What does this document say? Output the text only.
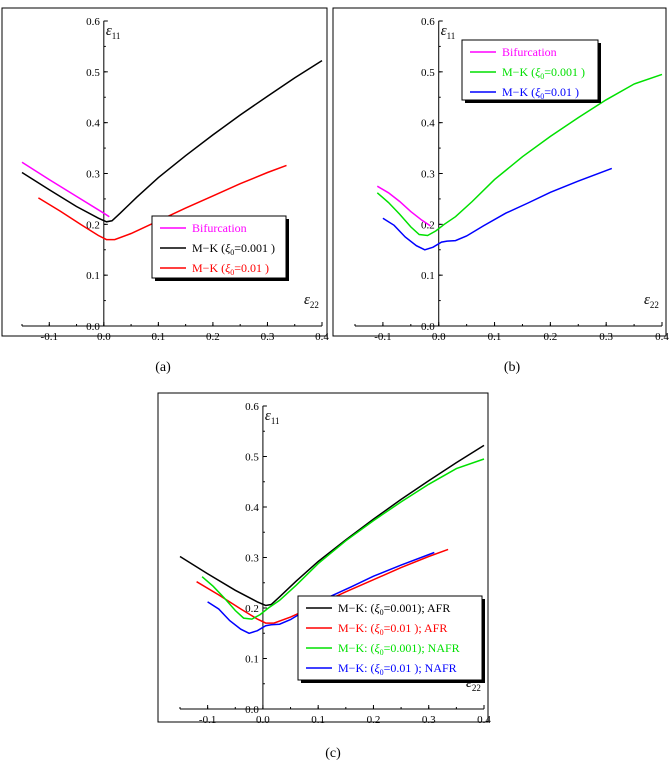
-0.1	0.0	0.1	0.2	0.3	0.4
0.0
0.1
0.2
0.3
0.4
0.5
0.6
$\varepsilon_{11}$
$\varepsilon_{22}$
Bifurcation
M−K ($\xi_0=0.001$ )
M−K ($\xi_0=0.01$ )
(a)
-0.1	0.0	0.1	0.2	0.3	0.4
0.0
0.1
0.2
0.3
0.4
0.5
0.6
$\varepsilon_{11}$
$\varepsilon_{22}$
Bifurcation
M−K ($\xi_0=0.001$ )
M−K ($\xi_0=0.01$ )
(b)
-0.1	0.0	0.1	0.2	0.3	0.4
0.0
0.1
0.2
0.3
0.4
0.5
0.6
$\varepsilon_{11}$
$_{22}$
M−K: $(\xi_0=0.001)$; AFR
M−K: ($\xi_0=0.01$ ); AFR
M−K: $(\xi_0=0.001)$; NAFR
M−K: ($\xi_0=0.01$ ); NAFR
(c)
